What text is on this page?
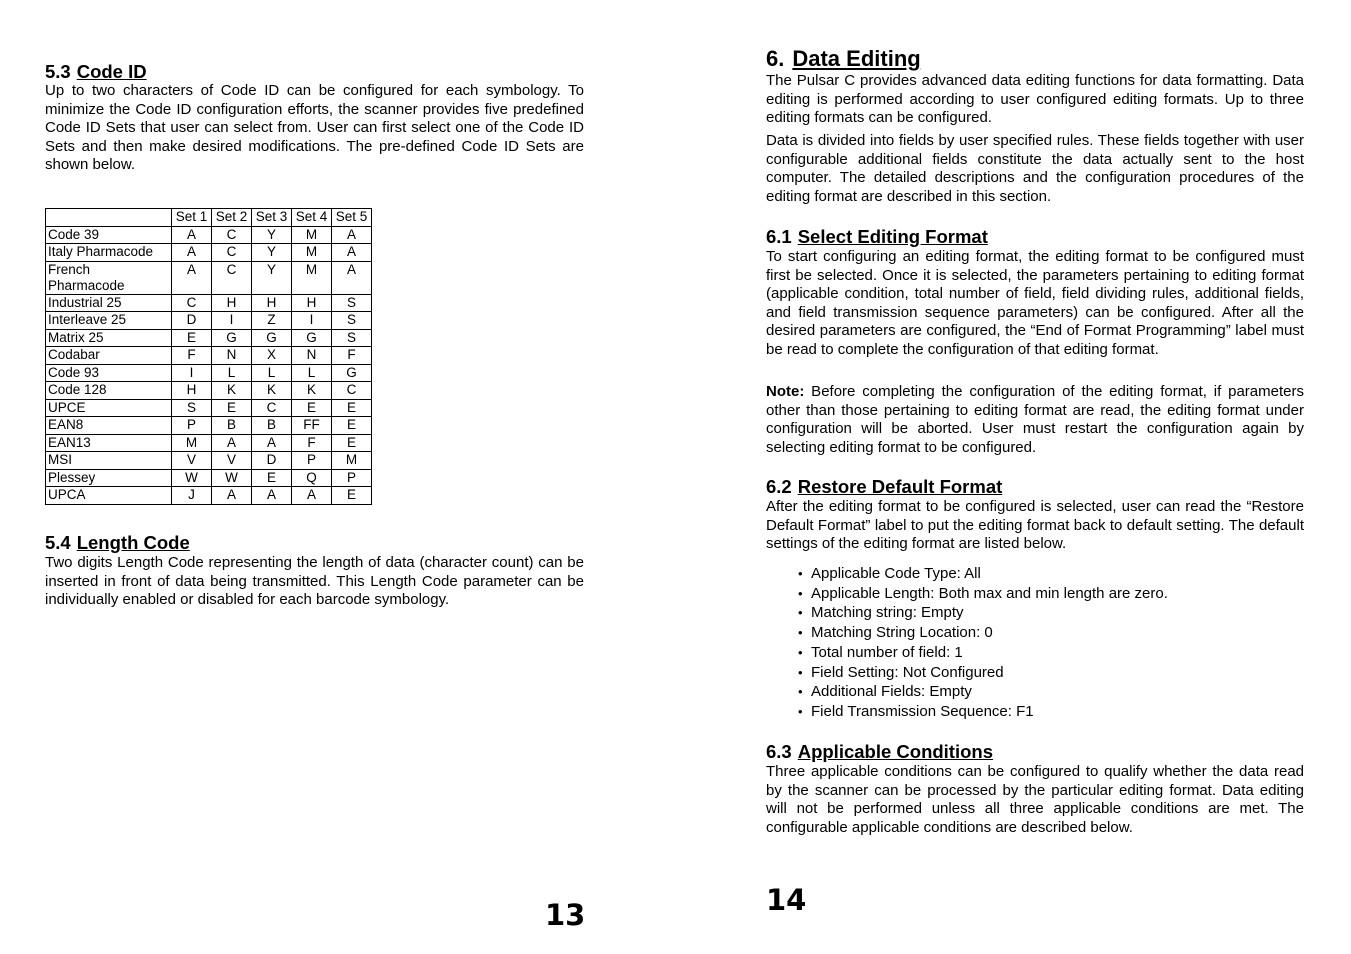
5.3 Code ID

Up to two characters of Code ID can be configured for each symbology. To minimize the Code ID configuration efforts, the scanner provides five predefined Code ID Sets that user can select from. User can first select one of the Code ID Sets and then make desired modifications. The pre-defined Code ID Sets are shown below.

	Set 1	Set 2	Set 3	Set 4	Set 5
Code 39	A	C	Y	M	A
Italy Pharmacode	A	C	Y	M	A
French Pharmacode	A	C	Y	M	A
Industrial 25	C	H	H	H	S
Interleave 25	D	I	Z	I	S
Matrix 25	E	G	G	G	S
Codabar	F	N	X	N	F
Code 93	I	L	L	L	G
Code 128	H	K	K	K	C
UPCE	S	E	C	E	E
EAN8	P	B	B	FF	E
EAN13	M	A	A	F	E
MSI	V	V	D	P	M
Plessey	W	W	E	Q	P
UPCA	J	A	A	A	E
5.4 Length Code

Two digits Length Code representing the length of data (character count) can be inserted in front of data being transmitted. This Length Code parameter can be individually enabled or disabled for each barcode symbology.

13
6. Data Editing

The Pulsar C provides advanced data editing functions for data formatting. Data editing is performed according to user configured editing formats. Up to three editing formats can be configured.

Data is divided into fields by user specified rules. These fields together with user configurable additional fields constitute the data actually sent to the host computer. The detailed descriptions and the configuration procedures of the editing format are described in this section.

6.1 Select Editing Format

To start configuring an editing format, the editing format to be configured must first be selected. Once it is selected, the parameters pertaining to editing format (applicable condition, total number of field, field dividing rules, additional fields, and field transmission sequence parameters) can be configured. After all the desired parameters are configured, the “End of Format Programming” label must be read to complete the configuration of that editing format.

Note: Before completing the configuration of the editing format, if parameters other than those pertaining to editing format are read, the editing format under configuration will be aborted. User must restart the configuration again by selecting editing format to be configured.

6.2 Restore Default Format

After the editing format to be configured is selected, user can read the “Restore Default Format” label to put the editing format back to default setting. The default settings of the editing format are listed below.

• Applicable Code Type: All
• Applicable Length: Both max and min length are zero.
• Matching string: Empty
• Matching String Location: 0
• Total number of field: 1
• Field Setting: Not Configured
• Additional Fields: Empty
• Field Transmission Sequence: F1
6.3 Applicable Conditions

Three applicable conditions can be configured to qualify whether the data read by the scanner can be processed by the particular editing format. Data editing will not be performed unless all three applicable conditions are met. The configurable applicable conditions are described below.

14
